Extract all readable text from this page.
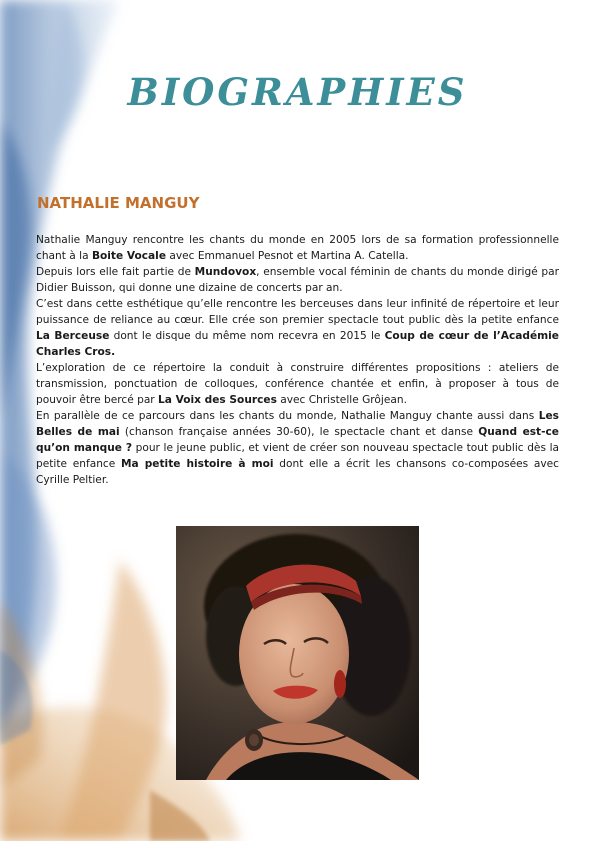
BIOGRAPHIES
NATHALIE MANGUY

Nathalie Manguy rencontre les chants du monde en 2005 lors de sa formation professionnelle chant à la Boite Vocale avec Emmanuel Pesnot et Martina A. Catella.

Depuis lors elle fait partie de Mundovox, ensemble vocal féminin de chants du monde dirigé par Didier Buisson, qui donne une dizaine de concerts par an.

C’est dans cette esthétique qu’elle rencontre les berceuses dans leur infinité de répertoire et leur puissance de reliance au cœur. Elle crée son premier spectacle tout public dès la petite enfance La Berceuse dont le disque du même nom recevra en 2015 le Coup de cœur de l’Académie Charles Cros.

L’exploration de ce répertoire la conduit à construire différentes propositions : ateliers de transmission, ponctuation de colloques, conférence chantée et enfin, à proposer à tous de pouvoir être bercé par La Voix des Sources avec Christelle Grôjean.

En parallèle de ce parcours dans les chants du monde, Nathalie Manguy chante aussi dans Les Belles de mai (chanson française années 30-60), le spectacle chant et danse Quand est-ce qu’on manque ? pour le jeune public, et vient de créer son nouveau spectacle tout public dès la petite enfance Ma petite histoire à moi dont elle a écrit les chansons co-composées avec Cyrille Peltier.
